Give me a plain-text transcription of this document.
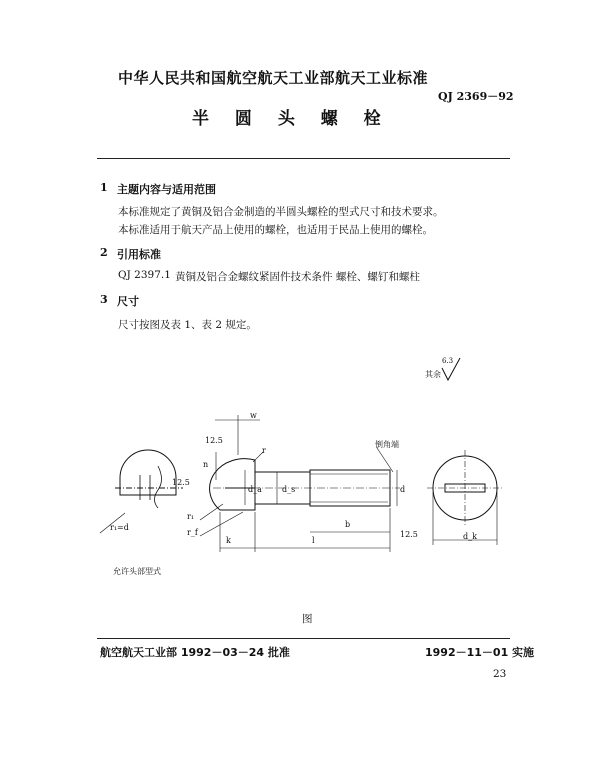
中华人民共和国航空航天工业部航天工业标准
QJ 2369－92
半 圆 头 螺 栓
1 主题内容与适用范围
本标准规定了黄铜及铝合金制造的半圆头螺栓的型式尺寸和技术要求。
本标准适用于航天产品上使用的螺栓，也适用于民品上使用的螺栓。
2 引用标准
QJ 2397.1 黄铜及铝合金螺纹紧固件技术条件 螺栓、螺钉和螺柱
3 尺寸
尺寸按图及表 1、表 2 规定。
其余
6.3
w
r
n
倒角端
12.5
12.5
12.5
d_a	d_s	d
r₁=d
r₁
r_f
b
l
k	d_k
允许头部型式
图
航空航天工业部 1992－03－24 批准	1992－11－01 实施
23
